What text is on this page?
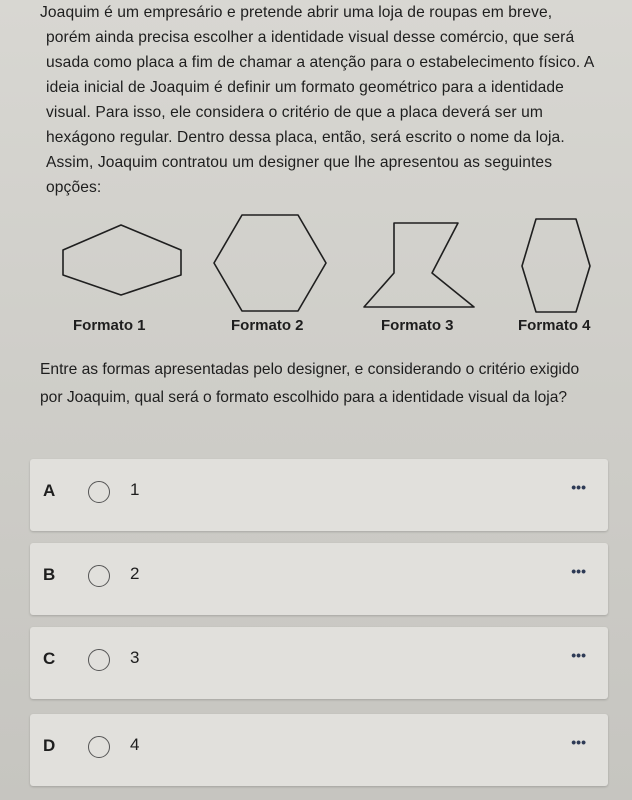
Joaquim é um empresário e pretende abrir uma loja de roupas em breve,
porém ainda precisa escolher a identidade visual desse comércio, que será
usada como placa a fim de chamar a atenção para o estabelecimento físico. A
ideia inicial de Joaquim é definir um formato geométrico para a identidade
visual. Para isso, ele considera o critério de que a placa deverá ser um
hexágono regular. Dentro dessa placa, então, será escrito o nome da loja.
Assim, Joaquim contratou um designer que lhe apresentou as seguintes
opções:
Formato 1	Formato 2	Formato 3	Formato 4
Entre as formas apresentadas pelo designer, e considerando o critério exigido
por Joaquim, qual será o formato escolhido para a identidade visual da loja?
A	1	•••
B	2	•••
C	3	•••
D	4	•••
